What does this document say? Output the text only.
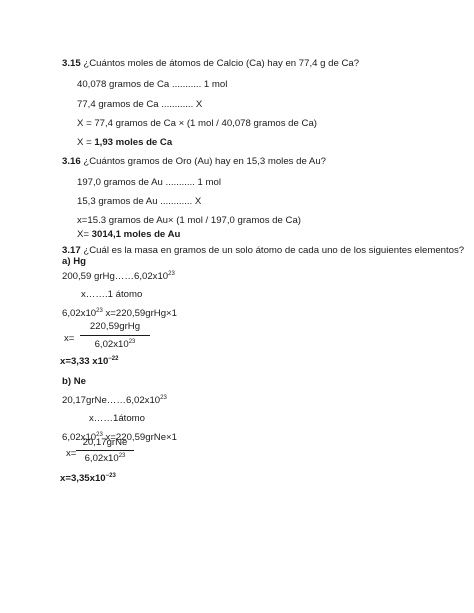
3.15 ¿Cuántos moles de átomos de Calcio (Ca) hay en 77,4 g de Ca?
40,078 gramos de Ca ........... 1 mol
77,4 gramos de Ca ............ X
X = 77,4 gramos de Ca × (1 mol / 40,078 gramos de Ca)
X = 1,93 moles de Ca
3.16 ¿Cuántos gramos de Oro (Au) hay en 15,3 moles de Au?
197,0 gramos de Au ........... 1 mol
15,3 gramos de Au ............ X
x=15.3 gramos de Au× (1 mol / 197,0 gramos de Ca)
X= 3014,1 moles de Au
3.17 ¿Cuál es la masa en gramos de un solo átomo de cada uno de los siguientes elementos?
a) Hg
200,59 $grHg\dots\dots 6,02x10^{23}$
x…….1 átomo
$6,02x10^{23}$ x=220,59grHg×1
x=
220,59grHg
$6,02x10^{23}$
x=3,33 $x10^{-22}$
b) Ne
$20,17grNe\dots\dots 6,02x10^{23}$
x……1átomo
$6,02x10^{23}$ x=220,59grNe×1
x=
20,17grNe
$6,02x10^{23}$
$x=3,35x10^{-23}$
